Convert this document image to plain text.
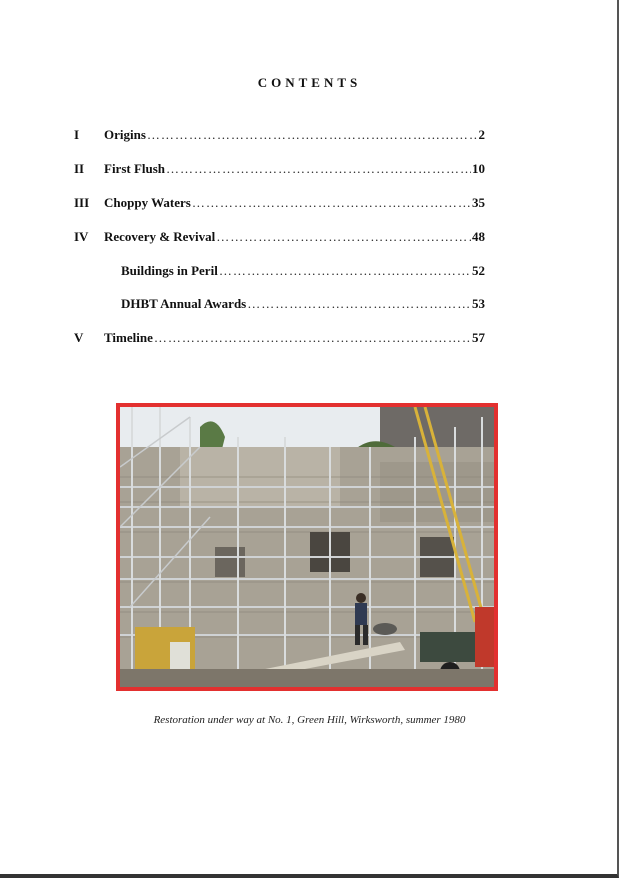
CONTENTS
I	Origins ……………………………………………………………………………………………………………………………………	2
II	First Flush ……………………………………………………………………………………………………………………………………	10
III	Choppy Waters ……………………………………………………………………………………………………………………………………	35
IV	Recovery & Revival ……………………………………………………………………………………………………………………………………	48
Buildings in Peril ……………………………………………………………………………………………………………………………………	52
DHBT Annual Awards ……………………………………………………………………………………………………………………………………	53
V	Timeline ……………………………………………………………………………………………………………………………………	57
Restoration under way at No. 1, Green Hill, Wirksworth, summer 1980
